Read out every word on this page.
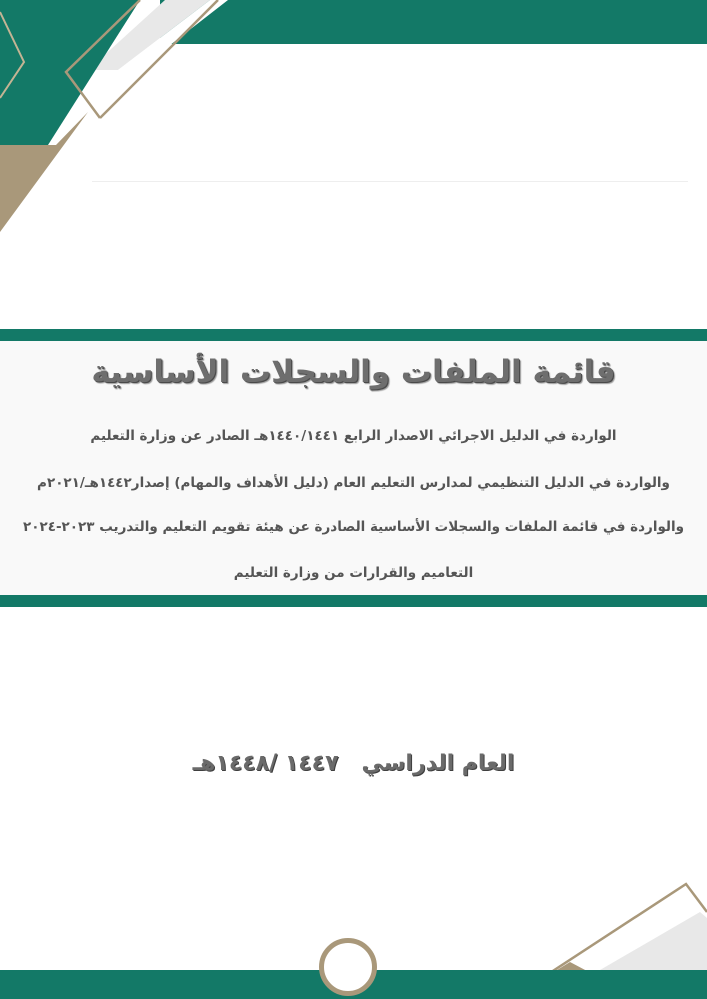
قائمة الملفات والسجلات الأساسية
الواردة في الدليل الاجرائي الاصدار الرابع ١٤٤٠/١٤٤١هـ الصادر عن وزارة التعليم
والواردة في الدليل التنظيمي لمدارس التعليم العام (دليل الأهداف والمهام) إصدار١٤٤٢هـ/٢٠٢١م
والواردة في قائمة الملفات والسجلات الأساسية الصادرة عن هيئة تقويم التعليم والتدريب ٢٠٢٣-٢٠٢٤
التعاميم والقرارات من وزارة التعليم
العام الدراسي   ١٤٤٧ /١٤٤٨هـ
